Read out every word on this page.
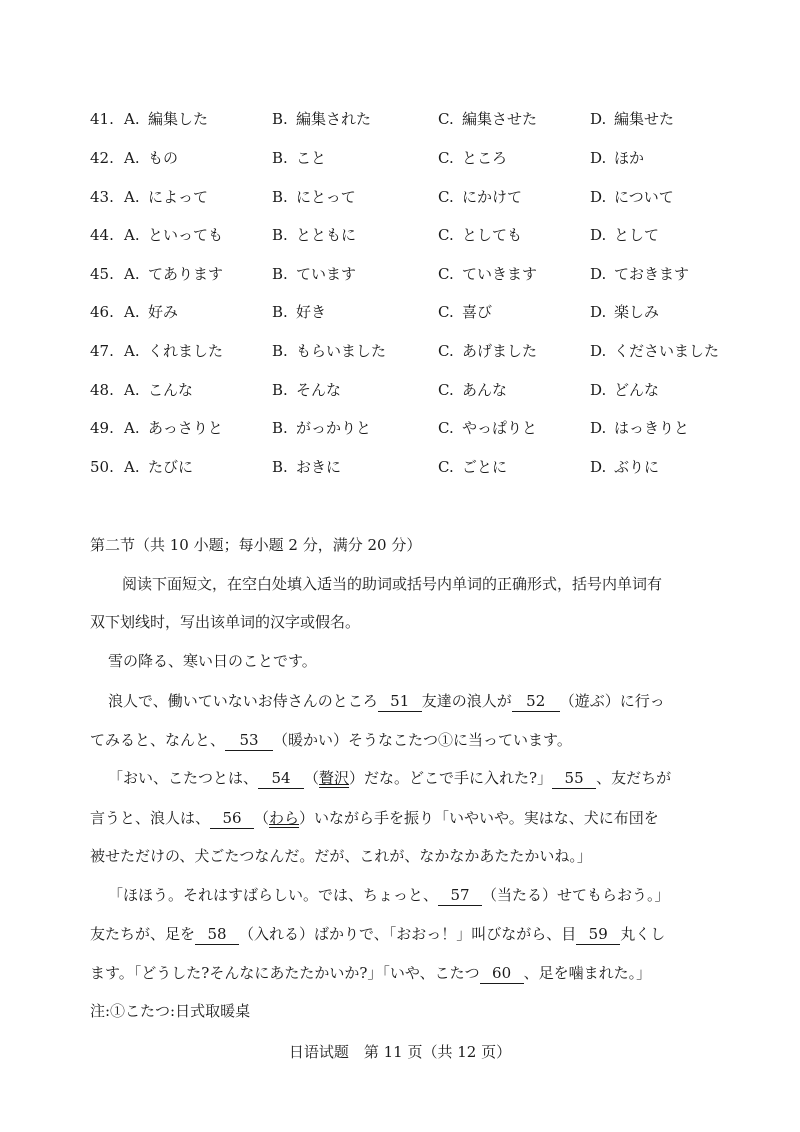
41. A. 編集した	B. 編集された	C. 編集させた	D. 編集せた
42. A. もの	B. こと	C. ところ	D. ほか
43. A. によって	B. にとって	C. にかけて	D. について
44. A. といっても	B. とともに	C. としても	D. として
45. A. てあります	B. ています	C. ていきます	D. ておきます
46. A. 好み	B. 好き	C. 喜び	D. 楽しみ
47. A. くれました	B. もらいました	C. あげました	D. くださいました
48. A. こんな	B. そんな	C. あんな	D. どんな
49. A. あっさりと	B. がっかりと	C. やっぱりと	D. はっきりと
50. A. たびに	B. おきに	C. ごとに	D. ぶりに
第二节（共 10 小题；每小题 2 分，满分 20 分）
阅读下面短文，在空白处填入适当的助词或括号内单词的正确形式，括号内单词有
双下划线时，写出该单词的汉字或假名。
雪の降る、寒い日のことです。
浪人で、働いていないお侍さんのところ 51 友達の浪人が 52 （遊ぶ）に行っ
てみると、なんと、 53 （暖かい）そうなこたつ①に当っています。
「おい、こたつとは、 54 （贅沢）だな。どこで手に入れた?」 55 、友だちが
言うと、浪人は、 56 （わら）いながら手を振り「いやいや。実はな、犬に布団を
被せただけの、犬ごたつなんだ。だが、これが、なかなかあたたかいね。」
「ほほう。それはすばらしい。では、ちょっと、 57 （当たる）せてもらおう。」
友たちが、足を 58 （入れる）ばかりで、「おおっ！」叫びながら、目 59 丸くし
ます。「どうした?そんなにあたたかいか?」「いや、こたつ 60 、足を噛まれた。」
注:①こたつ:日式取暖桌
日语试题　第 11 页（共 12 页）
